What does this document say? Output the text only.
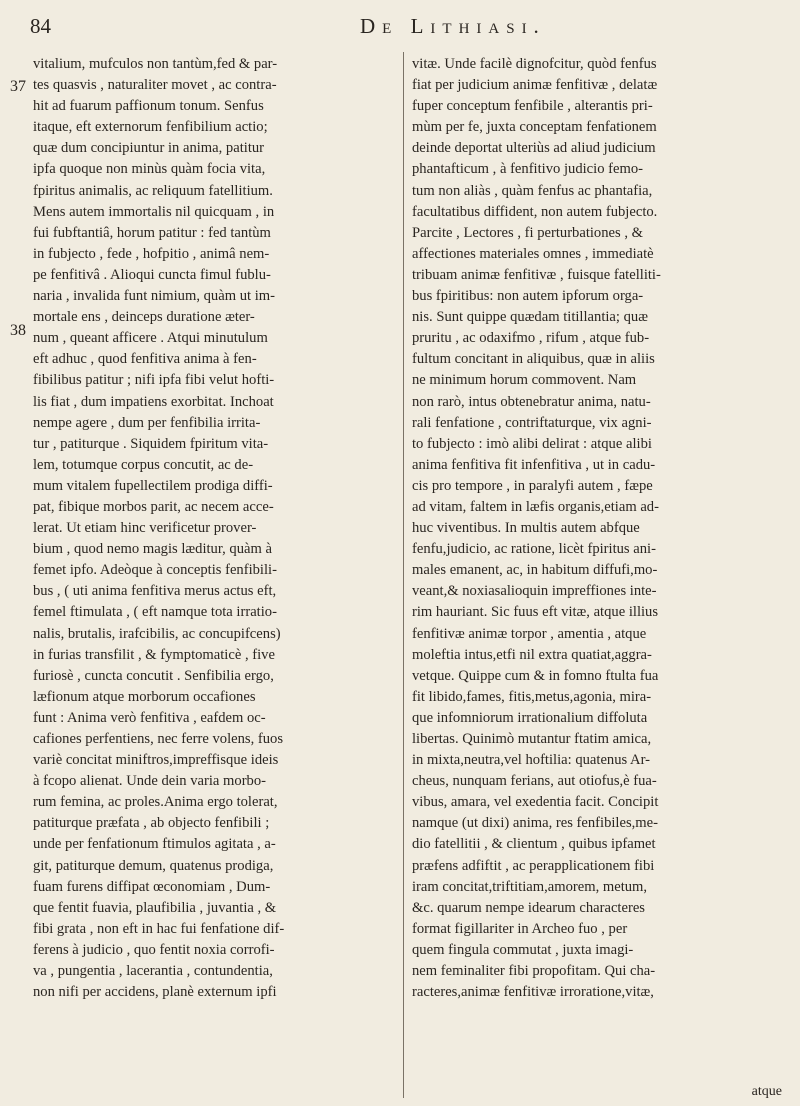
84	De Lithiasi.
37
38
vitalium, mufculos non tantùm,fed & par-
tes quasvis , naturaliter movet , ac contra-
hit ad fuarum paffionum tonum. Senfus
itaque, eft externorum fenfibilium actio;
quæ dum concipiuntur in anima, patitur
ipfa quoque non minùs quàm focia vita,
fpiritus animalis, ac reliquum fatellitium.
Mens autem immortalis nil quicquam , in
fui fubftantiâ, horum patitur : fed tantùm
in fubjecto , fede , hofpitio , animâ nem-
pe fenfitivâ . Alioqui cuncta fimul fublu-
naria , invalida funt nimium, quàm ut im-
mortale ens , deinceps duratione æter-
num , queant afficere . Atqui minutulum
eft adhuc , quod fenfitiva anima à fen-
fibilibus patitur ; nifi ipfa fibi velut hofti-
lis fiat , dum impatiens exorbitat. Inchoat
nempe agere , dum per fenfibilia irrita-
tur , patiturque . Siquidem fpiritum vita-
lem, totumque corpus concutit, ac de-
mum vitalem fupellectilem prodiga diffi-
pat, fibique morbos parit, ac necem acce-
lerat. Ut etiam hinc verificetur prover-
bium , quod nemo magis læditur, quàm à
femet ipfo. Adeòque à conceptis fenfibili-
bus , ( uti anima fenfitiva merus actus eft,
femel ftimulata , ( eft namque tota irratio-
nalis, brutalis, irafcibilis, ac concupifcens)
in furias transfilit , & fymptomaticè , five
furiosè , cuncta concutit . Senfibilia ergo,
læfionum atque morborum occafiones
funt : Anima verò fenfitiva , eafdem oc-
cafiones perfentiens, nec ferre volens, fuos
variè concitat miniftros,impreffisque ideis
à fcopo alienat. Unde dein varia morbo-
rum femina, ac proles.Anima ergo tolerat,
patiturque præfata , ab objecto fenfibili ;
unde per fenfationum ftimulos agitata , a-
git, patiturque demum, quatenus prodiga,
fuam furens diffipat œconomiam , Dum-
que fentit fuavia, plaufibilia , juvantia , &
fibi grata , non eft in hac fui fenfatione dif-
ferens à judicio , quo fentit noxia corrofi-
va , pungentia , lacerantia , contundentia,
non nifi per accidens, planè externum ipfi
vitæ. Unde facilè dignofcitur, quòd fenfus
fiat per judicium animæ fenfitivæ , delatæ
fuper conceptum fenfibile , alterantis pri-
mùm per fe, juxta conceptam fenfationem
deinde deportat ulteriùs ad aliud judicium
phantafticum , à fenfitivo judicio femo-
tum non aliàs , quàm fenfus ac phantafia,
facultatibus diffident, non autem fubjecto.
Parcite , Lectores , fi perturbationes , &
affectiones materiales omnes , immediatè
tribuam animæ fenfitivæ , fuisque fatelliti-
bus fpiritibus: non autem ipforum orga-
nis. Sunt quippe quædam titillantia; quæ
pruritu , ac odaxifmo , rifum , atque fub-
fultum concitant in aliquibus, quæ in aliis
ne minimum horum commovent. Nam
non rarò, intus obtenebratur anima, natu-
rali fenfatione , contriftaturque, vix agni-
to fubjecto : imò alibi delirat : atque alibi
anima fenfitiva fit infenfitiva , ut in cadu-
cis pro tempore , in paralyfi autem , fæpe
ad vitam, faltem in læfis organis,etiam ad-
huc viventibus. In multis autem abfque
fenfu,judicio, ac ratione, licèt fpiritus ani-
males emanent, ac, in habitum diffufi,mo-
veant,& noxiasalioquin impreffiones inte-
rim hauriant. Sic fuus eft vitæ, atque illius
fenfitivæ animæ torpor , amentia , atque
moleftia intus,etfi nil extra quatiat,aggra-
vetque. Quippe cum & in fomno ftulta fua
fit libido,fames, fitis,metus,agonia, mira-
que infomniorum irrationalium diffoluta
libertas. Quinimò mutantur ftatim amica,
in mixta,neutra,vel hoftilia: quatenus Ar-
cheus, nunquam ferians, aut otiofus,è fua-
vibus, amara, vel exedentia facit. Concipit
namque (ut dixi) anima, res fenfibiles,me-
dio fatellitii , & clientum , quibus ipfamet
præfens adfiftit , ac perapplicationem fibi
iram concitat,triftitiam,amorem, metum,
&c. quarum nempe idearum characteres
format figillariter in Archeo fuo , per
quem fingula commutat , juxta imagi-
nem feminaliter fibi propofitam. Qui cha-
racteres,animæ fenfitivæ irroratione,vitæ,
atque
